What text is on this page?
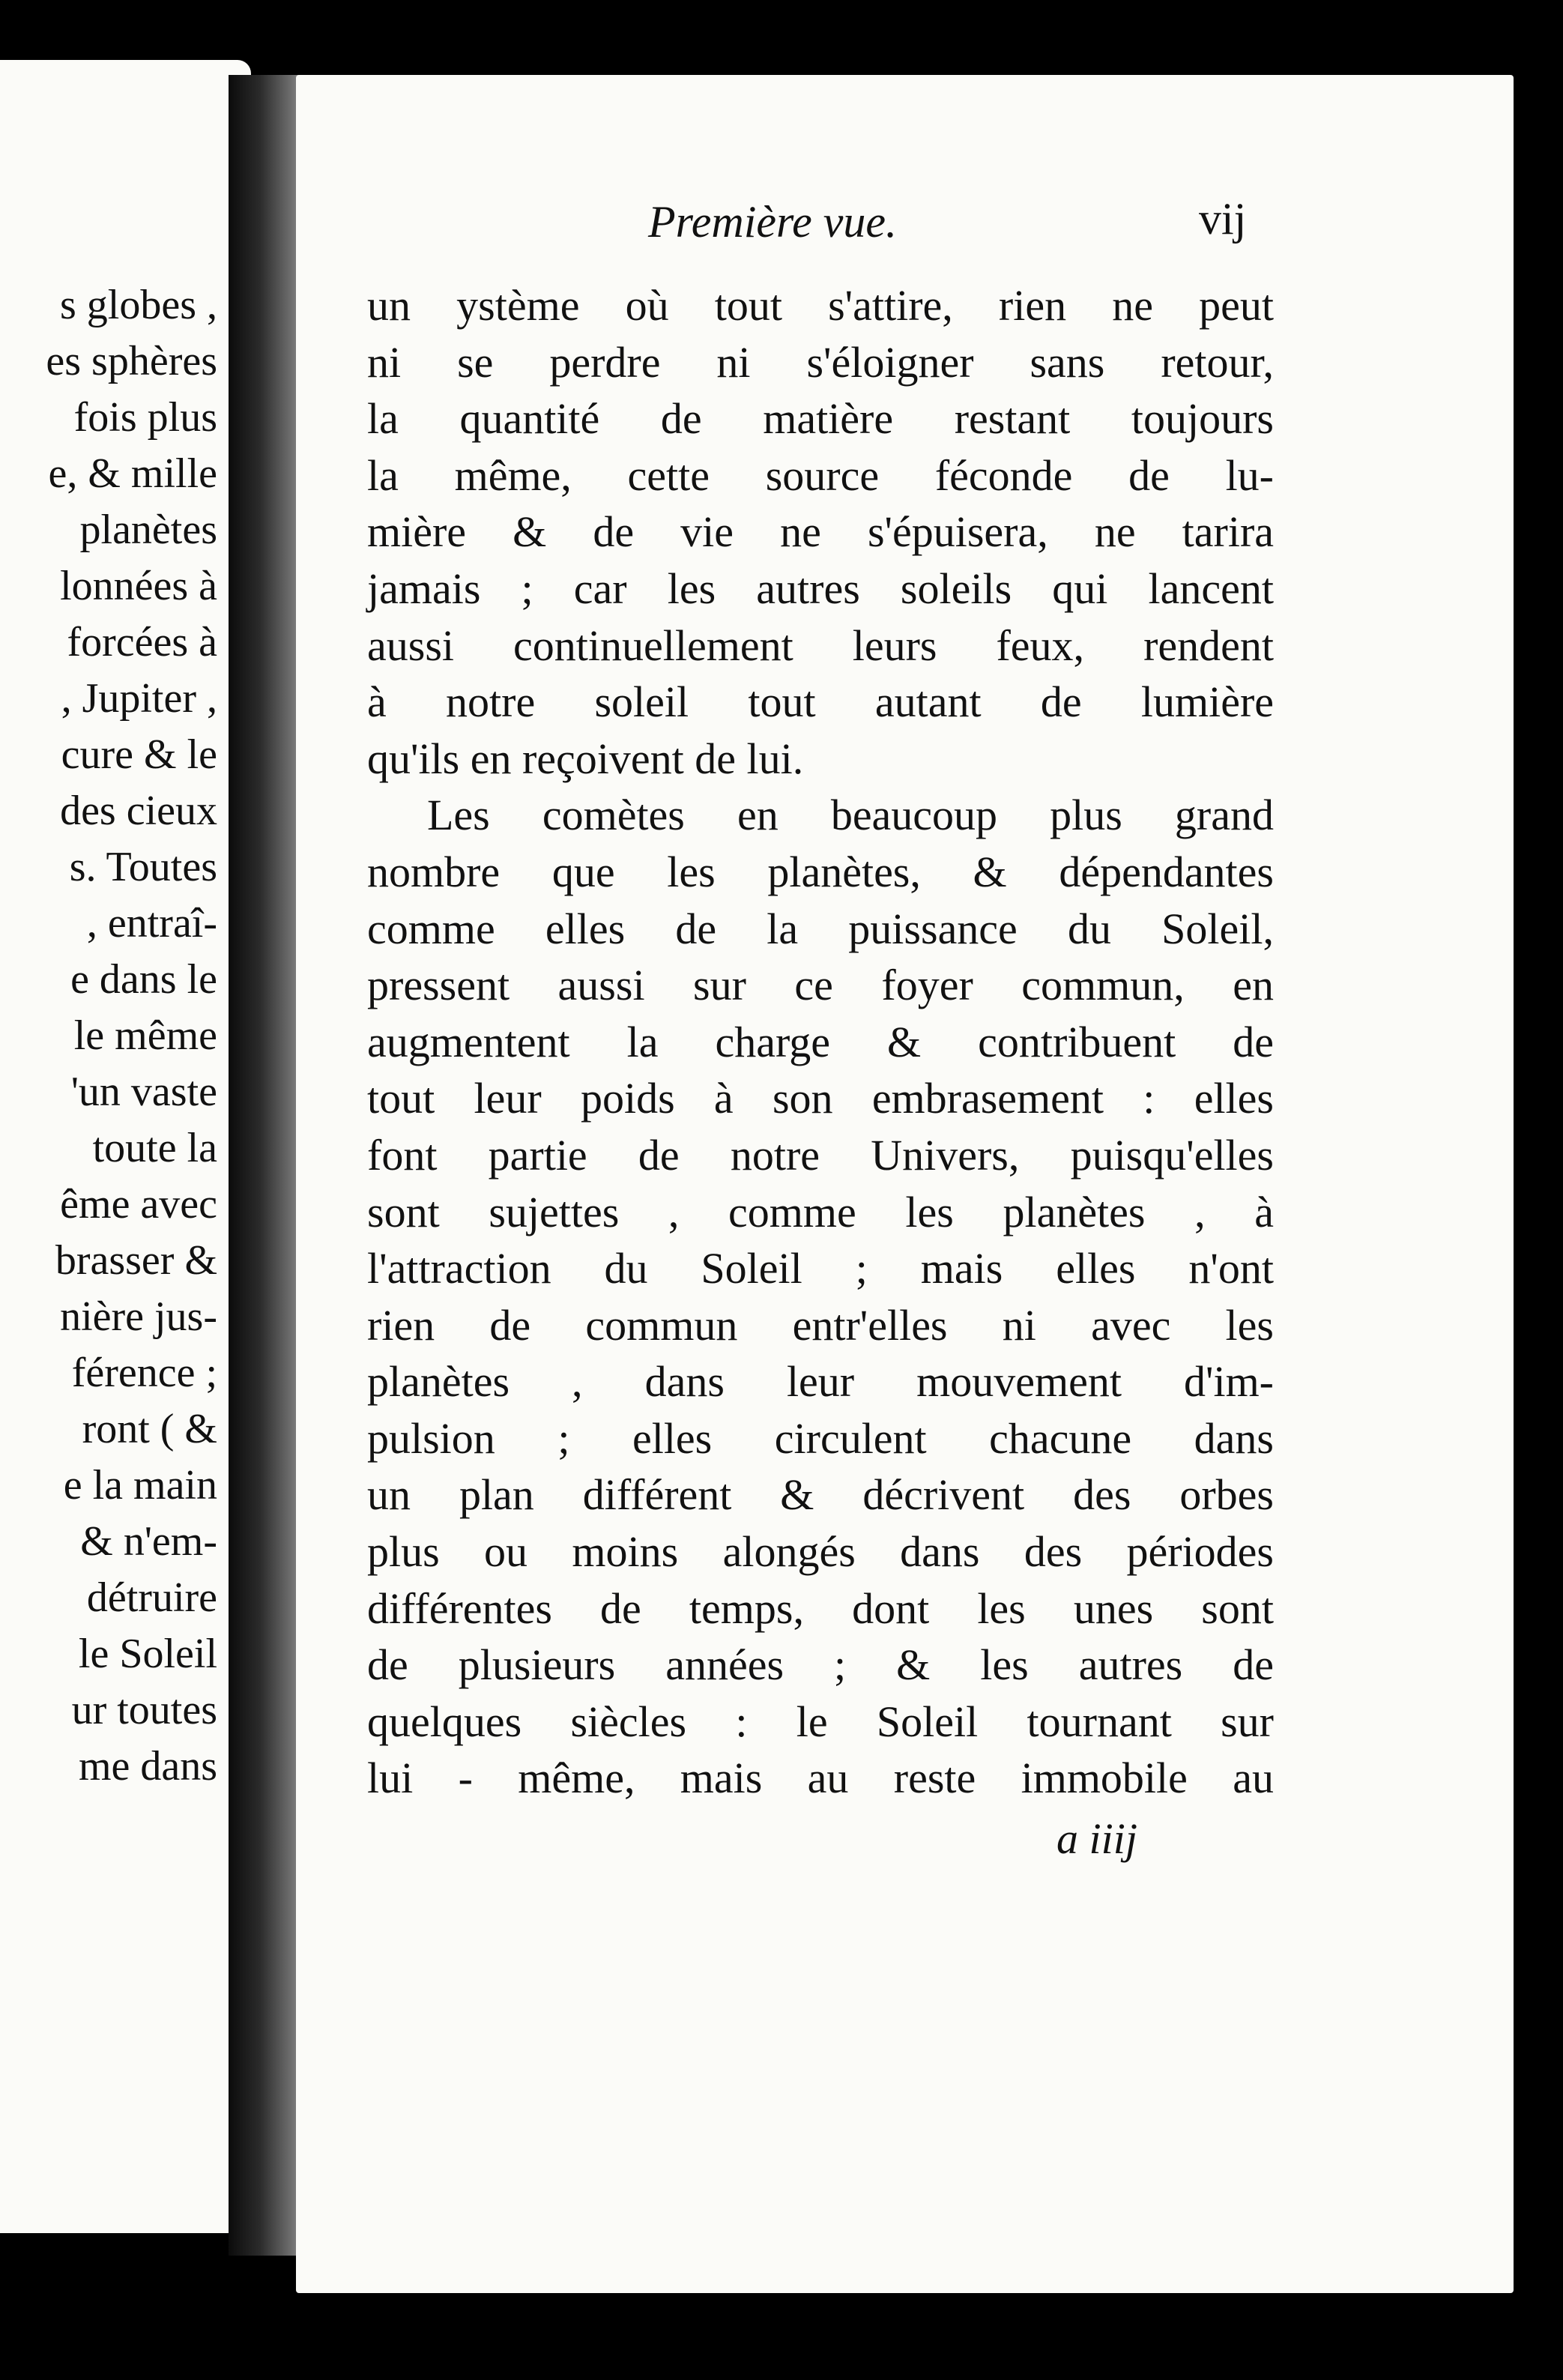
s globes ,
es sphères
fois plus
e, & mille
planètes
lonnées à
forcées à
, Jupiter ,
cure & le
des cieux
s. Toutes
, entraî-
e dans le
le même
'un vaste
toute la
ême avec
brasser &
nière jus-
férence ;
ront ( &
e la main
& n'em-
détruire
le Soleil
ur toutes
me dans
Première vue.	vij
un ystème où tout s'attire, rien ne peut
ni se perdre ni s'éloigner sans retour,
la quantité de matière restant toujours
la même, cette source féconde de lu-
mière & de vie ne s'épuisera, ne tarira
jamais ; car les autres soleils qui lancent
aussi continuellement leurs feux, rendent
à notre soleil tout autant de lumière
qu'ils en reçoivent de lui.
Les comètes en beaucoup plus grand
nombre que les planètes, & dépendantes
comme elles de la puissance du Soleil,
pressent aussi sur ce foyer commun, en
augmentent la charge & contribuent de
tout leur poids à son embrasement : elles
font partie de notre Univers, puisqu'elles
sont sujettes , comme les planètes , à
l'attraction du Soleil ; mais elles n'ont
rien de commun entr'elles ni avec les
planètes , dans leur mouvement d'im-
pulsion ; elles circulent chacune dans
un plan différent & décrivent des orbes
plus ou moins alongés dans des périodes
différentes de temps, dont les unes sont
de plusieurs années ; & les autres de
quelques siècles : le Soleil tournant sur
lui - même, mais au reste immobile au
a iiij
